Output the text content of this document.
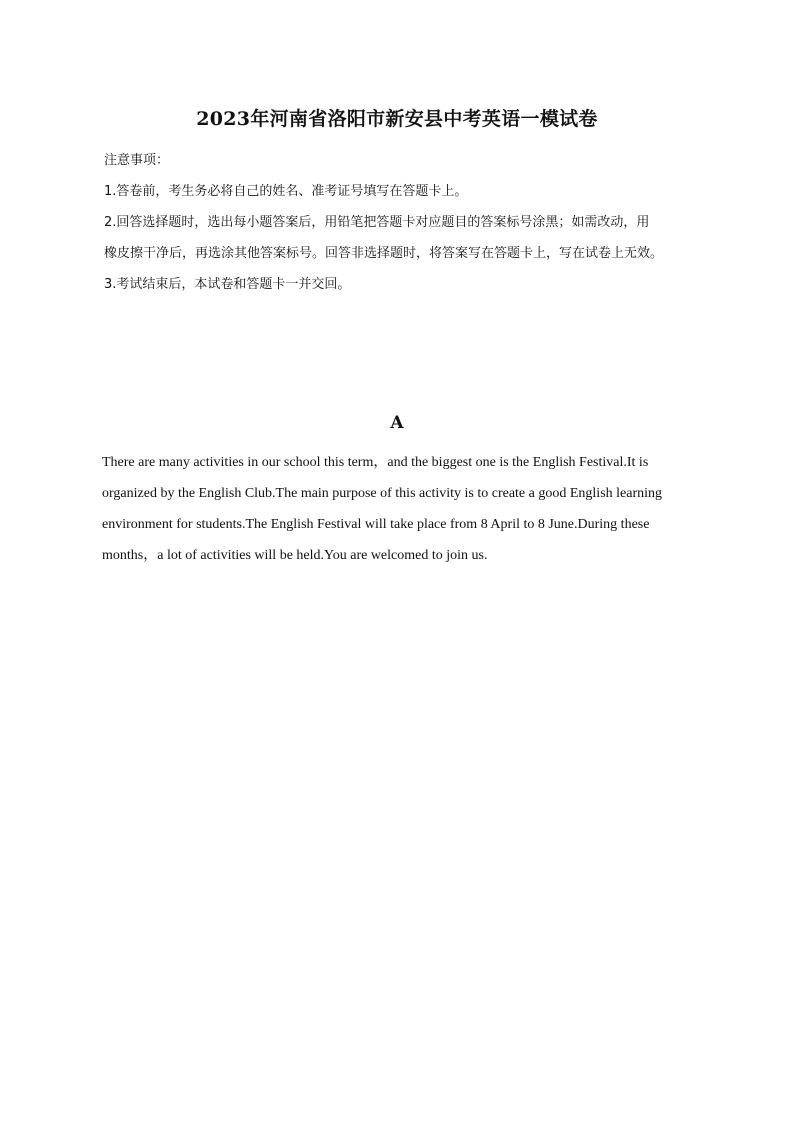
2023年河南省洛阳市新安县中考英语一模试卷
注意事项：
1.答卷前，考生务必将自己的姓名、准考证号填写在答题卡上。
2.回答选择题时，选出每小题答案后，用铅笔把答题卡对应题目的答案标号涂黑；如需改动，用
橡皮擦干净后，再选涂其他答案标号。回答非选择题时，将答案写在答题卡上，写在试卷上无效。
3.考试结束后，本试卷和答题卡一并交回。
A
There are many activities in our school this term，and the biggest one is the English Festival.It is
organized by the English Club.The main purpose of this activity is to create a good English learning
environment for students.The English Festival will take place from 8 April to 8 June.During these
months，a lot of activities will be held.You are welcomed to join us.
